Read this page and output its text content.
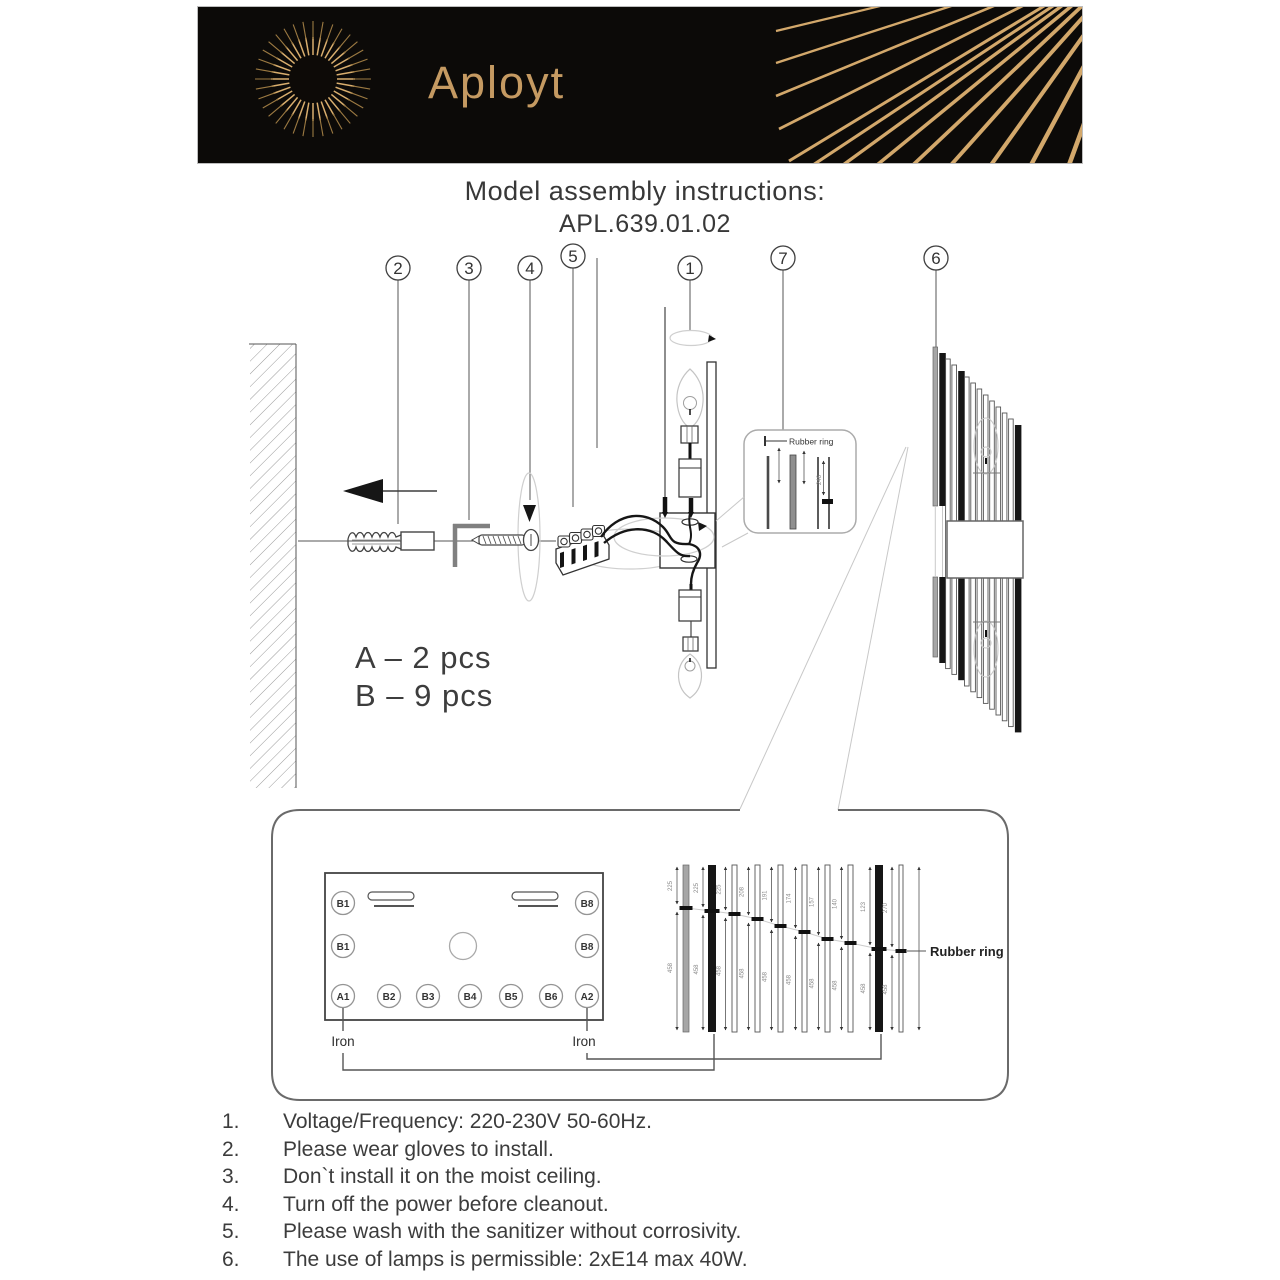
Aployt
Model assembly instructions:
APL.639.01.02
2	3	4
5
1
7	6
Rubber ring
246
A – 2 pcs
B – 9 pcs
B1	B8
B1	B8
A1	B2	B3	B4	B5	B6 A2
Iron	Iron
225
458
225
458
225
458
208
458
191
458
174
458
157
458
140
458
123
458
270
458
Rubber ring
1.	Voltage/Frequency: 220-230V 50-60Hz.
2.	Please wear gloves to install.
3.	Don`t install it on the moist ceiling.
4.	Turn off the power before cleanout.
5.	Please wash with the sanitizer without corrosivity.
6.	The use of lamps is permissible: 2xE14 max 40W.
